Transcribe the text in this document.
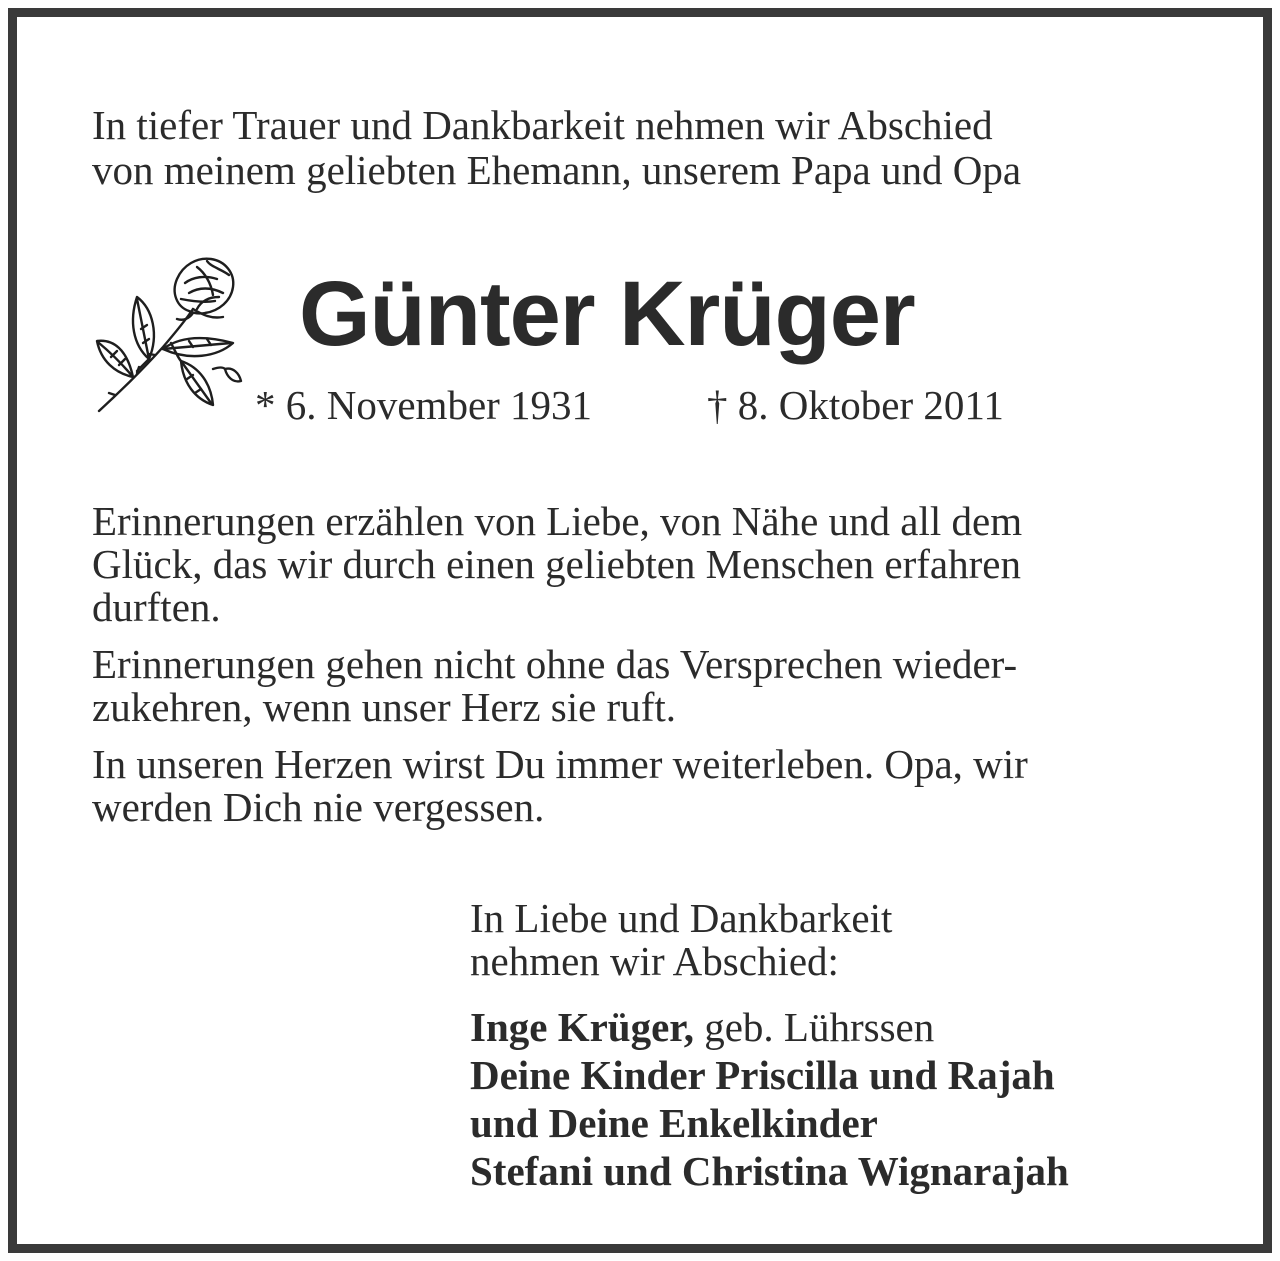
In tiefer Trauer und Dankbarkeit nehmen wir Abschied
von meinem geliebten Ehemann, unserem Papa und Opa

Günter Krüger

* 6. November 1931	† 8. Oktober 2011

Erinnerungen erzählen von Liebe, von Nähe und all dem
Glück, das wir durch einen geliebten Menschen erfahren
durften.

Erinnerungen gehen nicht ohne das Versprechen wieder-
zukehren, wenn unser Herz sie ruft.

In unseren Herzen wirst Du immer weiterleben. Opa, wir
werden Dich nie vergessen.

In Liebe und Dankbarkeit
nehmen wir Abschied:

Inge Krüger, geb. Lührssen
Deine Kinder Priscilla und Rajah
und Deine Enkelkinder
Stefani und Christina Wignarajah
